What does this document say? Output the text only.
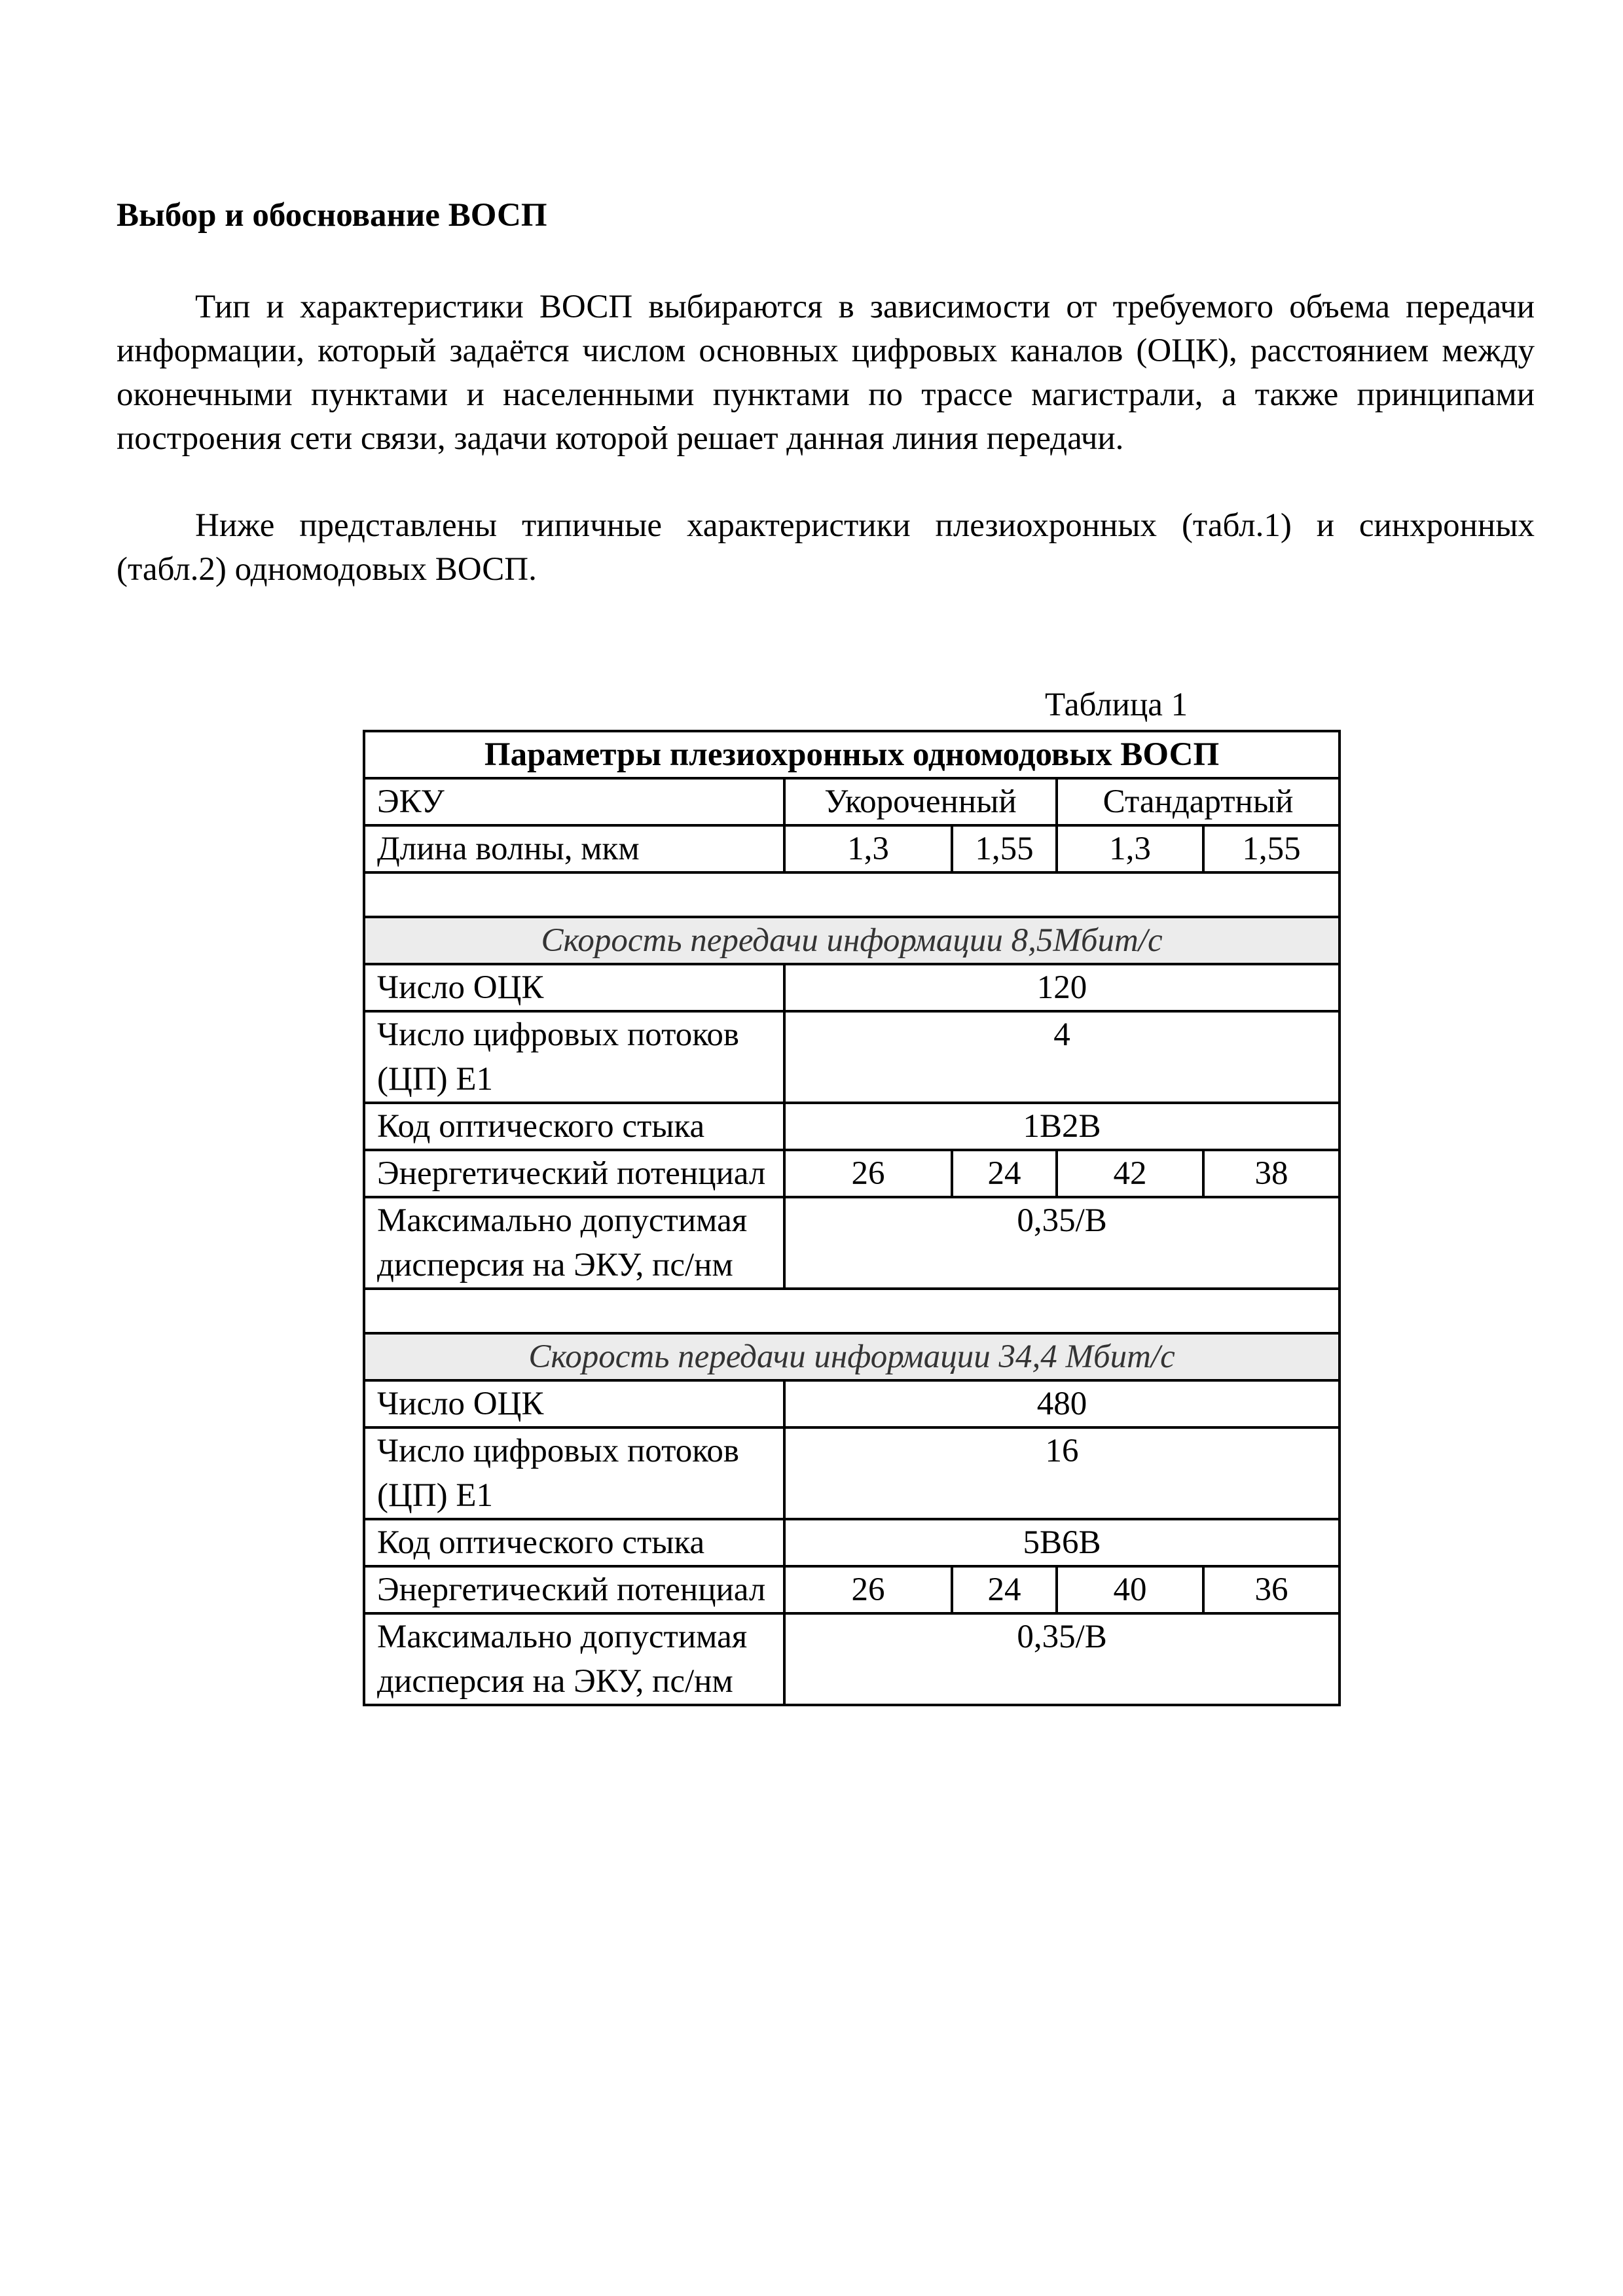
Выбор и обоснование ВОСП

Тип и характеристики ВОСП выбираются в зависимости от требуемого объема передачи информации, который задаётся числом основных цифровых каналов (ОЦК), расстоянием между оконечными пунктами и населенными пунктами по трассе магистрали, а также принципами построения сети связи, задачи которой решает данная линия передачи.

Ниже представлены типичные характеристики плезиохронных (табл.1) и синхронных (табл.2) одномодовых ВОСП.

Таблица 1
Параметры плезиохронных одномодовых ВОСП				
ЭКУ	Укороченный		Стандартный	
Длина волны, мкм	1,3	1,55	1,3	1,55

Скорость передачи информации 8,5Мбит/с				
Число ОЦК	120			
Число цифровых потоков (ЦП) Е1	4			
Код оптического стыка	1В2В			
Энергетический потенциал	26	24	42	38
Максимально допустимая дисперсия на ЭКУ, пс/нм	0,35/В			

Скорость передачи информации 34,4 Мбит/с				
Число ОЦК	480			
Число цифровых потоков (ЦП) Е1	16			
Код оптического стыка	5В6В			
Энергетический потенциал	26	24	40	36
Максимально допустимая дисперсия на ЭКУ, пс/нм	0,35/В			
